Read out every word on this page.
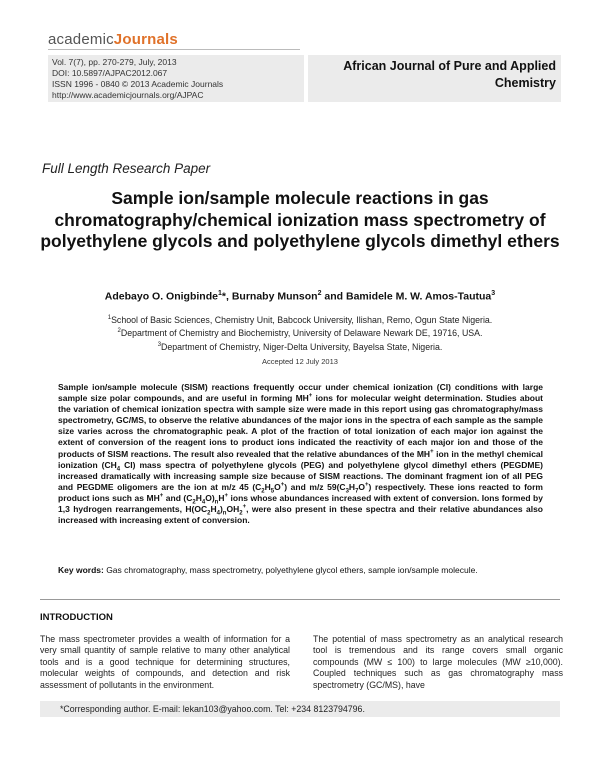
academicJournals
Vol. 7(7), pp. 270-279, July, 2013
DOI: 10.5897/AJPAC2012.067
ISSN 1996 - 0840 © 2013 Academic Journals
http://www.academicjournals.org/AJPAC
African Journal of Pure and Applied
Chemistry
Full Length Research Paper
Sample ion/sample molecule reactions in gas chromatography/chemical ionization mass spectrometry of polyethylene glycols and polyethylene glycols dimethyl ethers
Adebayo O. Onigbinde$^1$*, Burnaby Munson$^2$ and Bamidele M. W. Amos-Tautua$^3$
$^1$School of Basic Sciences, Chemistry Unit, Babcock University, Ilishan, Remo, Ogun State Nigeria.
$^2$Department of Chemistry and Biochemistry, University of Delaware Newark DE, 19716, USA.
$^3$Department of Chemistry, Niger-Delta University, Bayelsa State, Nigeria.
Accepted 12 July 2013
Sample ion/sample molecule (SISM) reactions frequently occur under chemical ionization (CI) conditions with large sample size polar compounds, and are useful in forming MH+ ions for molecular weight determination. Studies about the variation of chemical ionization spectra with sample size were made in this report using gas chromatography/mass spectrometry, GC/MS, to observe the relative abundances of the major ions in the spectra of each sample as the sample size varies across the chromatographic peak. A plot of the fraction of total ionization of each major ion against the extent of conversion of the reagent ions to product ions indicated the reactivity of each major ion and those of the products of SISM reactions. The result also revealed that the relative abundances of the MH+ ion in the methyl chemical ionization ($CH_4$ CI) mass spectra of polyethylene glycols (PEG) and polyethylene glycol dimethyl ethers (PEGDME) increased dramatically with increasing sample size because of SISM reactions. The dominant fragment ion of all PEG and PEGDME oligomers are the ion at m/z 45 $(C_2H_5O^+)$ and m/z $59(C_3H_7O^+)$ respectively. These ions reacted to form product ions such as MH+ and $(C_2H_4O)_nH^+$ ions whose abundances increased with extent of conversion. Ions formed by 1,3 hydrogen rearrangements, $H(OC_2H_4)_nOH_2^+$, were also present in these spectra and their relative abundances also increased with increasing extent of conversion.
Key words: Gas chromatography, mass spectrometry, polyethylene glycol ethers, sample ion/sample molecule.
INTRODUCTION
The mass spectrometer provides a wealth of information for a very small quantity of sample relative to many other analytical tools and is a good technique for determining structures, molecular weights of compounds, and detection and risk assessment of pollutants in the environment.
The potential of mass spectrometry as an analytical research tool is tremendous and its range covers small organic compounds (MW ≤ 100) to large molecules (MW ≥10,000). Coupled techniques such as gas chromatography mass spectrometry (GC/MS), have
*Corresponding author. E-mail: lekan103@yahoo.com. Tel: +234 8123794796.
